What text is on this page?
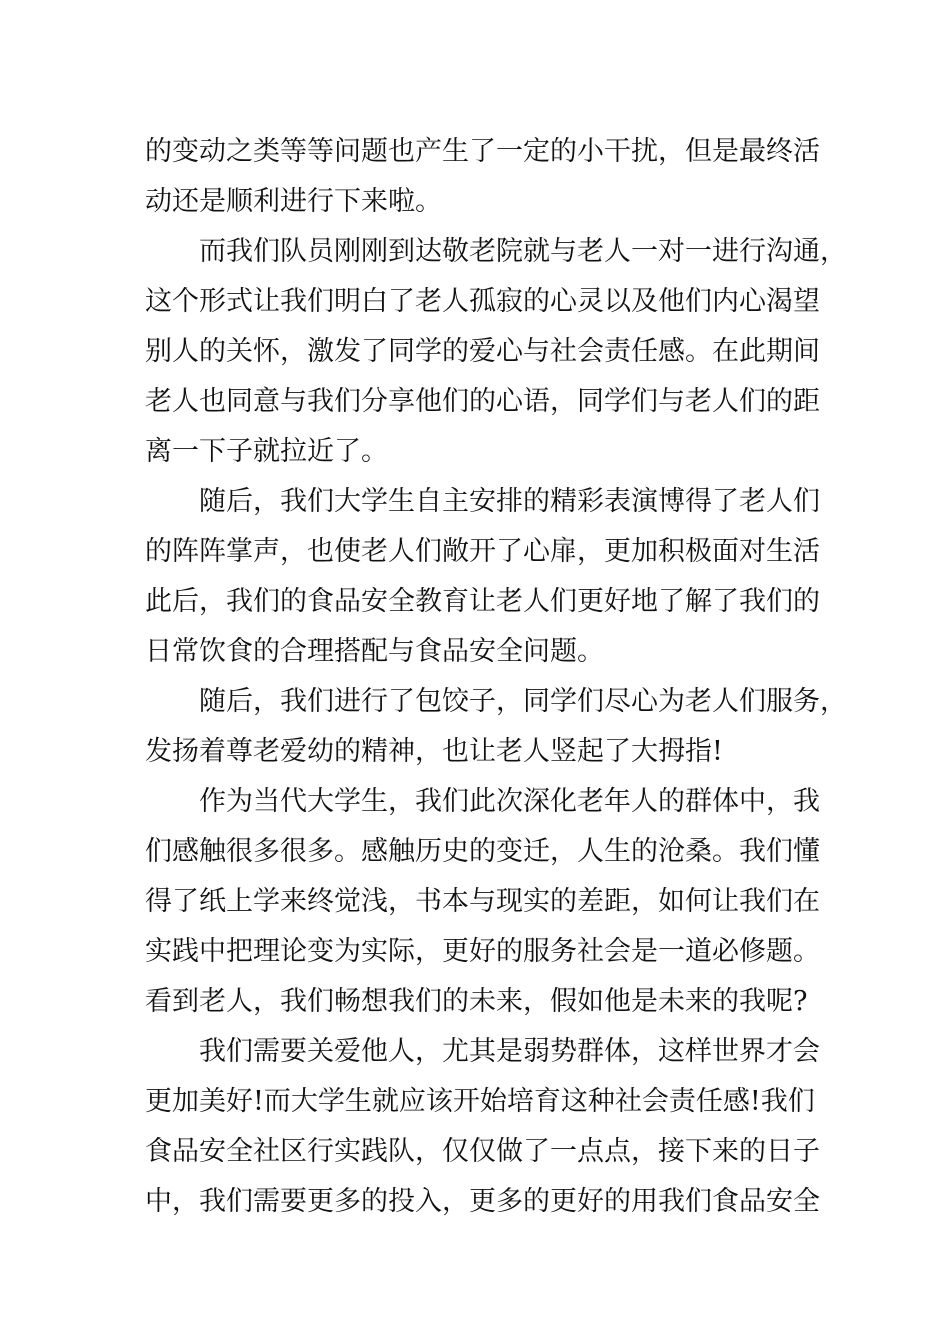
的变动之类等等问题也产生了一定的小干扰，但是最终活
动还是顺利进行下来啦。
而我们队员刚刚到达敬老院就与老人一对一进行沟通，
这个形式让我们明白了老人孤寂的心灵以及他们内心渴望
别人的关怀，激发了同学的爱心与社会责任感。在此期间
老人也同意与我们分享他们的心语，同学们与老人们的距
离一下子就拉近了。
随后，我们大学生自主安排的精彩表演博得了老人们
的阵阵掌声，也使老人们敞开了心扉，更加积极面对生活
此后，我们的食品安全教育让老人们更好地了解了我们的
日常饮食的合理搭配与食品安全问题。
随后，我们进行了包饺子，同学们尽心为老人们服务，
发扬着尊老爱幼的精神，也让老人竖起了大拇指!
作为当代大学生，我们此次深化老年人的群体中，我
们感触很多很多。感触历史的变迁，人生的沧桑。我们懂
得了纸上学来终觉浅，书本与现实的差距，如何让我们在
实践中把理论变为实际，更好的服务社会是一道必修题。
看到老人，我们畅想我们的未来，假如他是未来的我呢?
我们需要关爱他人，尤其是弱势群体，这样世界才会
更加美好!而大学生就应该开始培育这种社会责任感!我们
食品安全社区行实践队，仅仅做了一点点，接下来的日子
中，我们需要更多的投入，更多的更好的用我们食品安全
